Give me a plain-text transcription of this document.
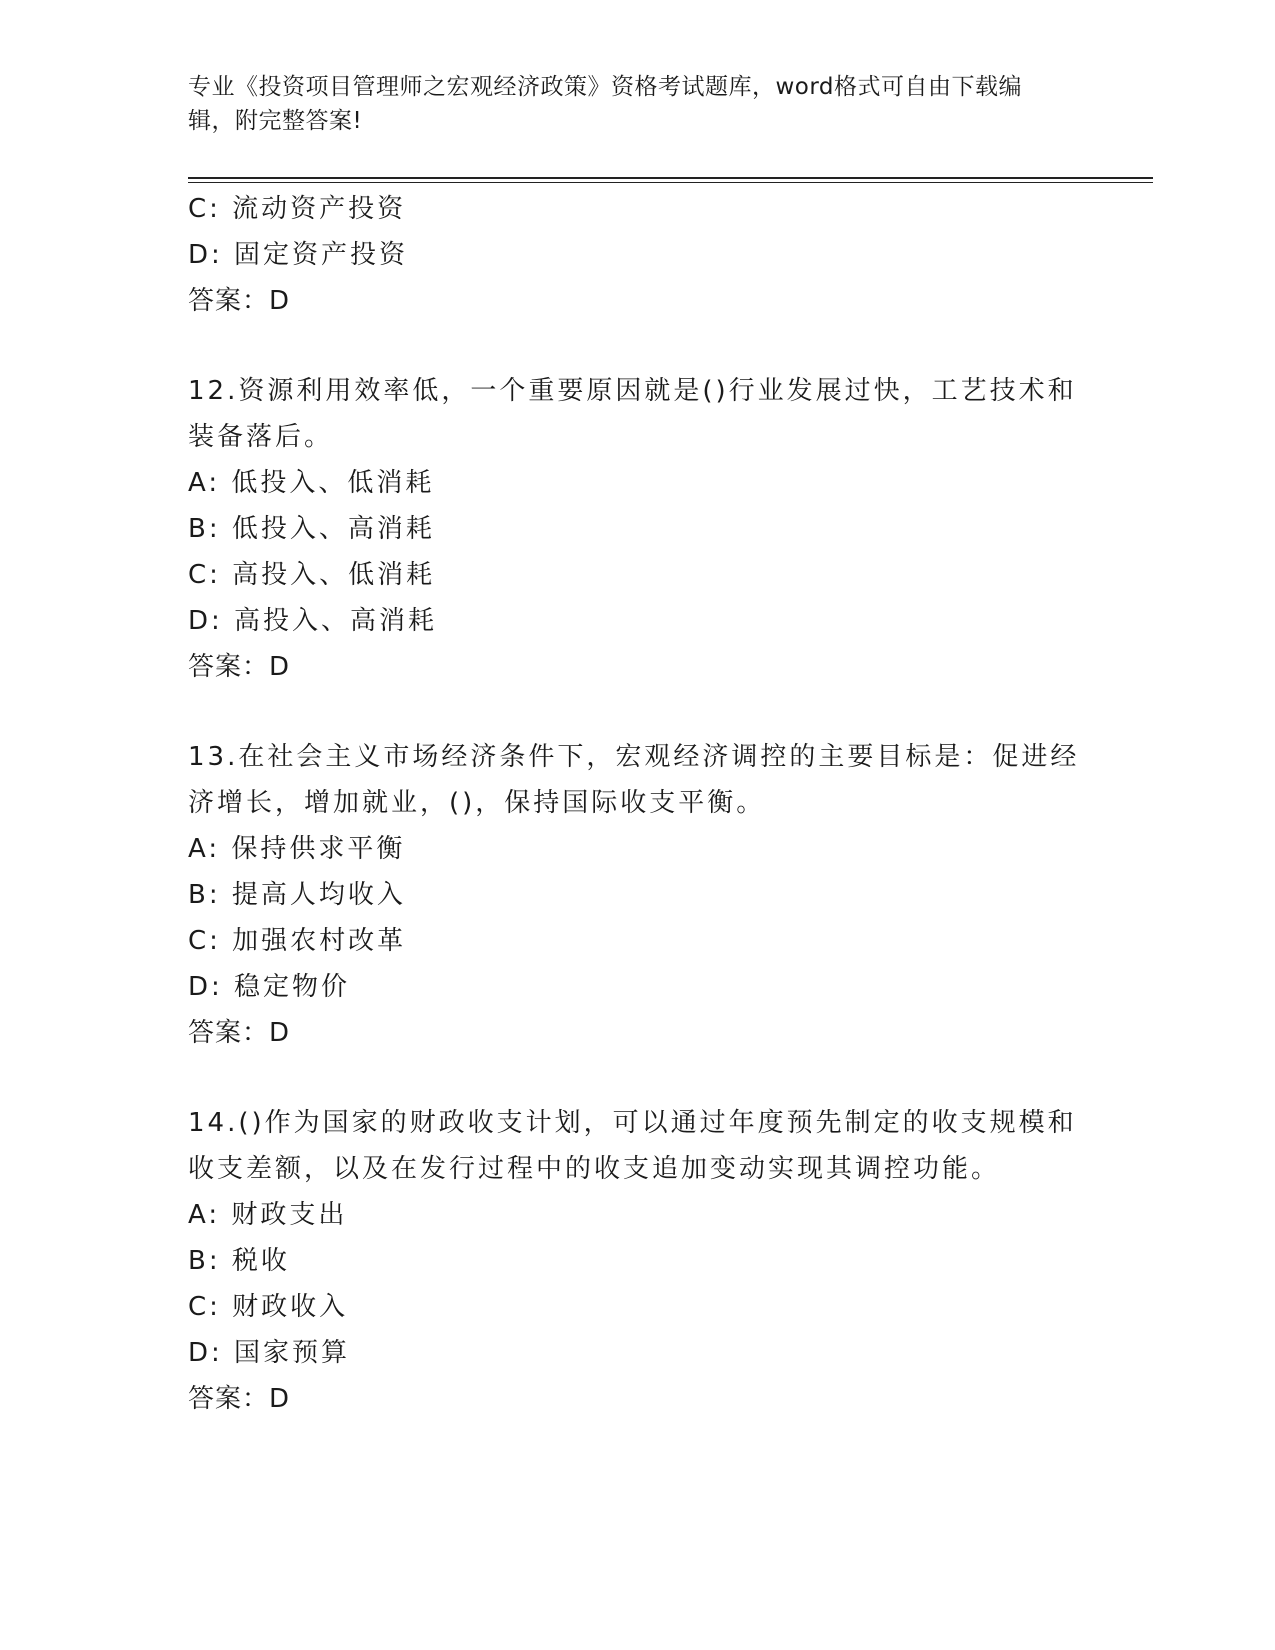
专业《投资项目管理师之宏观经济政策》资格考试题库，word格式可自由下载编
辑，附完整答案!
C: 流动资产投资
D: 固定资产投资
答案：D
12.资源利用效率低，一个重要原因就是()行业发展过快，工艺技术和
装备落后。
A: 低投入、低消耗
B: 低投入、高消耗
C: 高投入、低消耗
D: 高投入、高消耗
答案：D
13.在社会主义市场经济条件下，宏观经济调控的主要目标是：促进经
济增长，增加就业，()，保持国际收支平衡。
A: 保持供求平衡
B: 提高人均收入
C: 加强农村改革
D: 稳定物价
答案：D
14.()作为国家的财政收支计划，可以通过年度预先制定的收支规模和
收支差额，以及在发行过程中的收支追加变动实现其调控功能。
A: 财政支出
B: 税收
C: 财政收入
D: 国家预算
答案：D
